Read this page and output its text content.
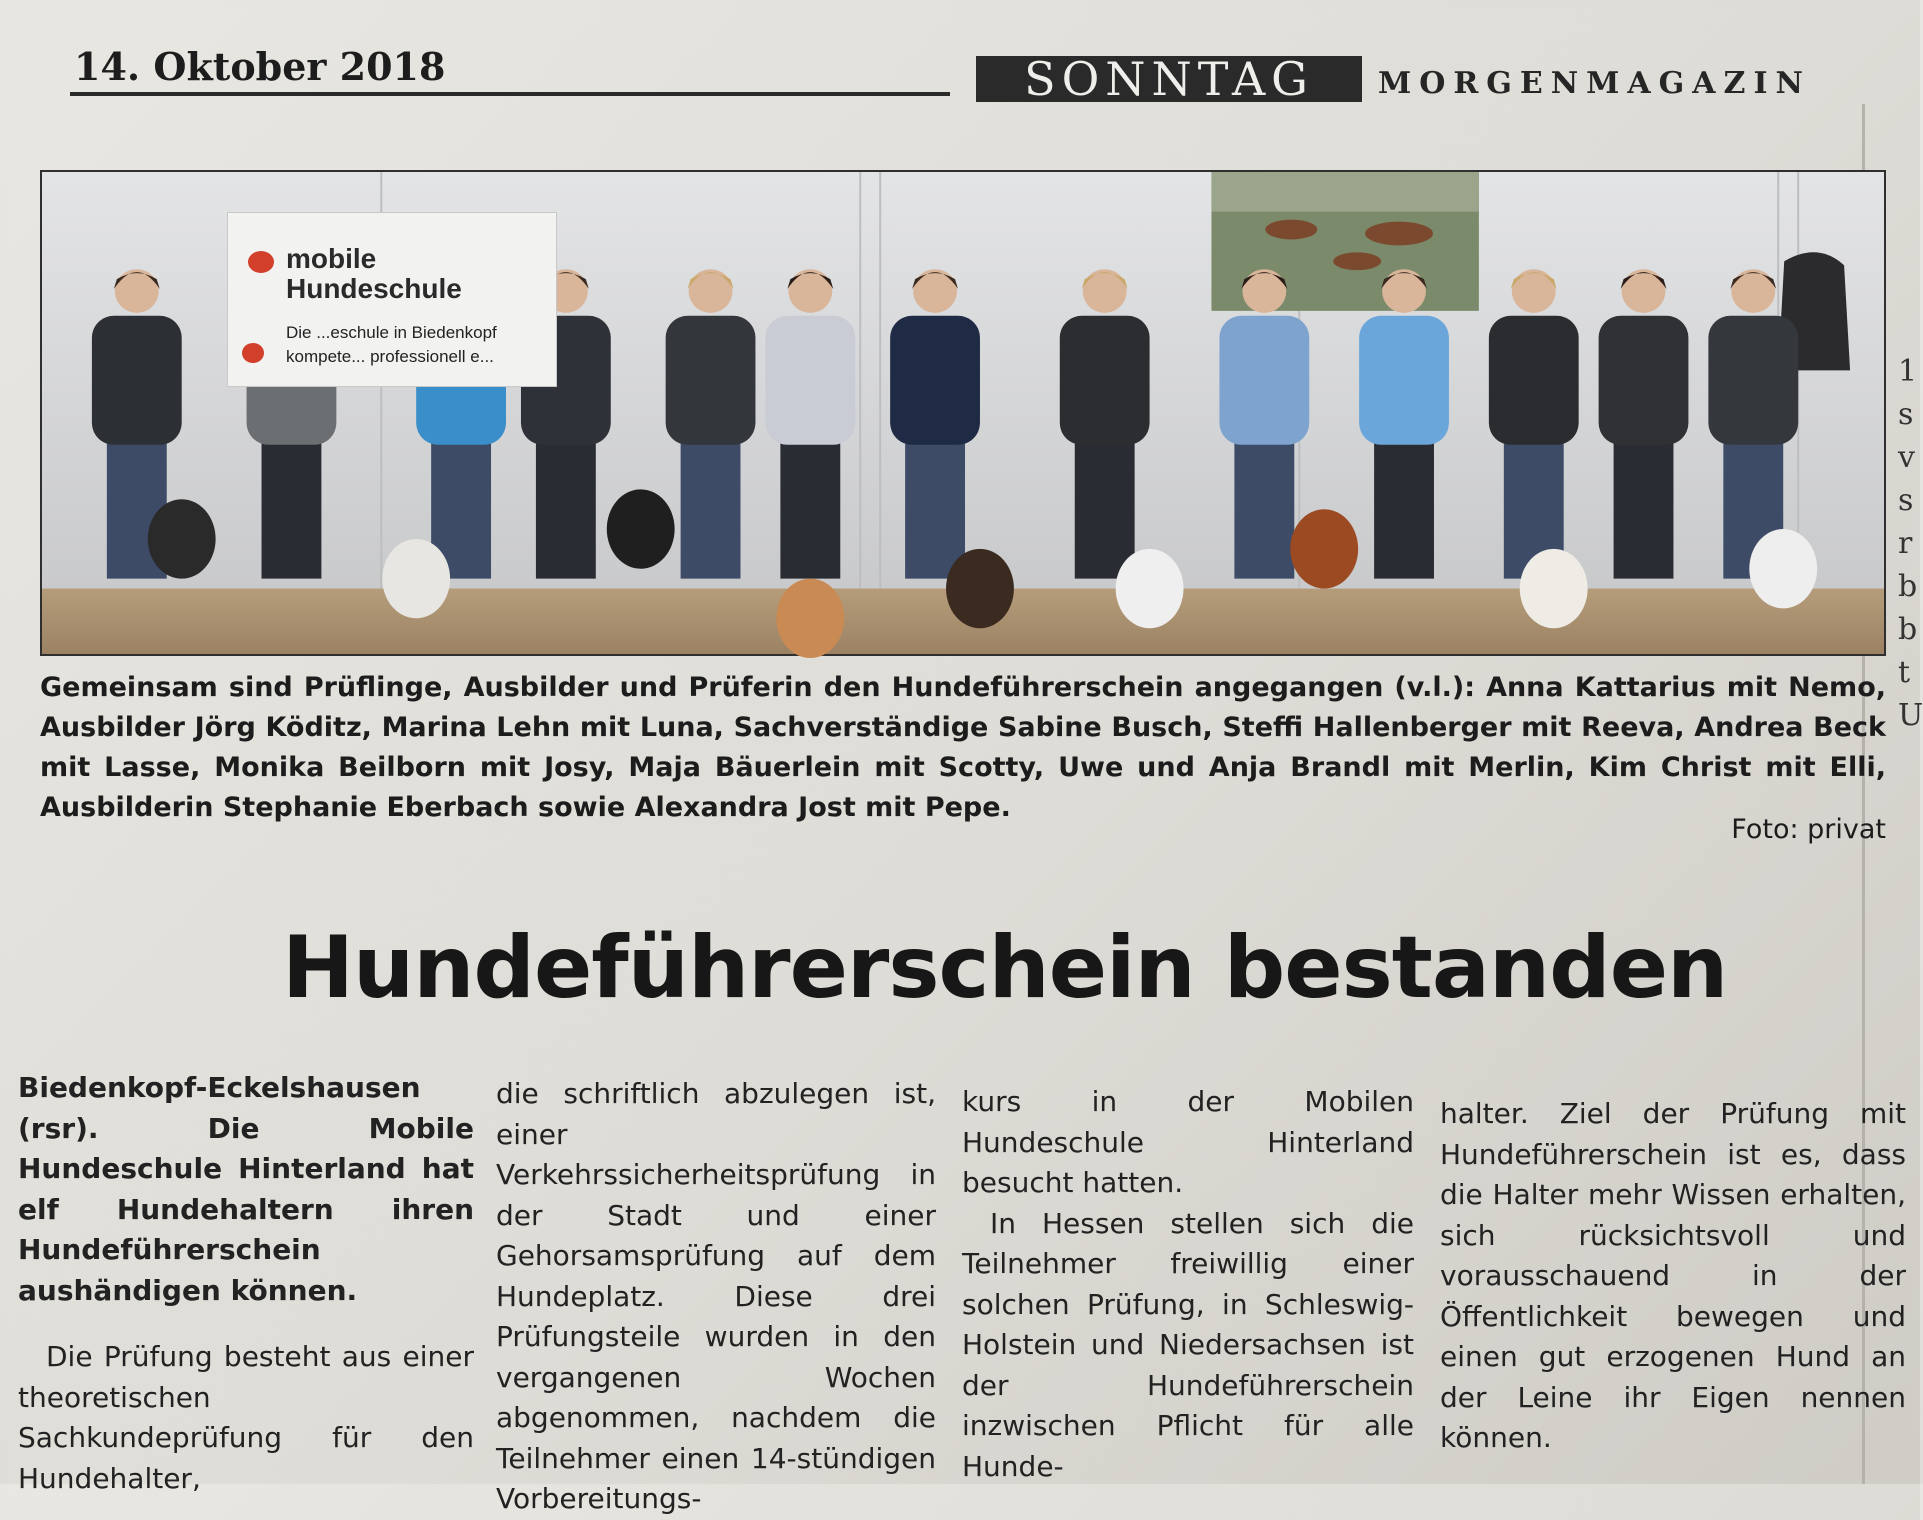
14. Oktober 2018	SONNTAG MORGENMAGAZIN
1
s
v
s
r
b
b
t
U
mobile
Hundeschule
Die ...eschule in Biedenkopf
kompete... professionell e...
Gemeinsam sind Prüflinge, Ausbilder und Prüferin den Hundeführerschein angegangen (v.l.): Anna Kattarius mit Nemo, Ausbilder Jörg Köditz, Marina Lehn mit Luna, Sachverständige Sabine Busch, Steffi Hallenberger mit Reeva, Andrea Beck mit Lasse, Monika Beilborn mit Josy, Maja Bäuerlein mit Scotty, Uwe und Anja Brandl mit Merlin, Kim Christ mit Elli, Ausbilderin Stephanie Eberbach sowie Alexandra Jost mit Pepe.
Foto: privat
Hundeführerschein bestanden

Biedenkopf-Eckelshausen (rsr). Die Mobile Hundeschule Hinterland hat elf Hundehaltern ihren Hundeführerschein aushändigen können.

Die Prüfung besteht aus einer theoretischen Sachkundeprüfung für den Hundehalter,

die schriftlich abzulegen ist, einer Verkehrssicherheitsprüfung in der Stadt und einer Gehorsamsprüfung auf dem Hundeplatz. Diese drei Prüfungsteile wurden in den vergangenen Wochen abgenommen, nachdem die Teilnehmer einen 14-stündigen Vorbereitungs-

kurs in der Mobilen Hundeschule Hinterland besucht hatten.

In Hessen stellen sich die Teilnehmer freiwillig einer solchen Prüfung, in Schleswig-Holstein und Niedersachsen ist der Hundeführerschein inzwischen Pflicht für alle Hunde-

halter. Ziel der Prüfung mit Hundeführerschein ist es, dass die Halter mehr Wissen erhalten, sich rücksichtsvoll und vorausschauend in der Öffentlichkeit bewegen und einen gut erzogenen Hund an der Leine ihr Eigen nennen können.
